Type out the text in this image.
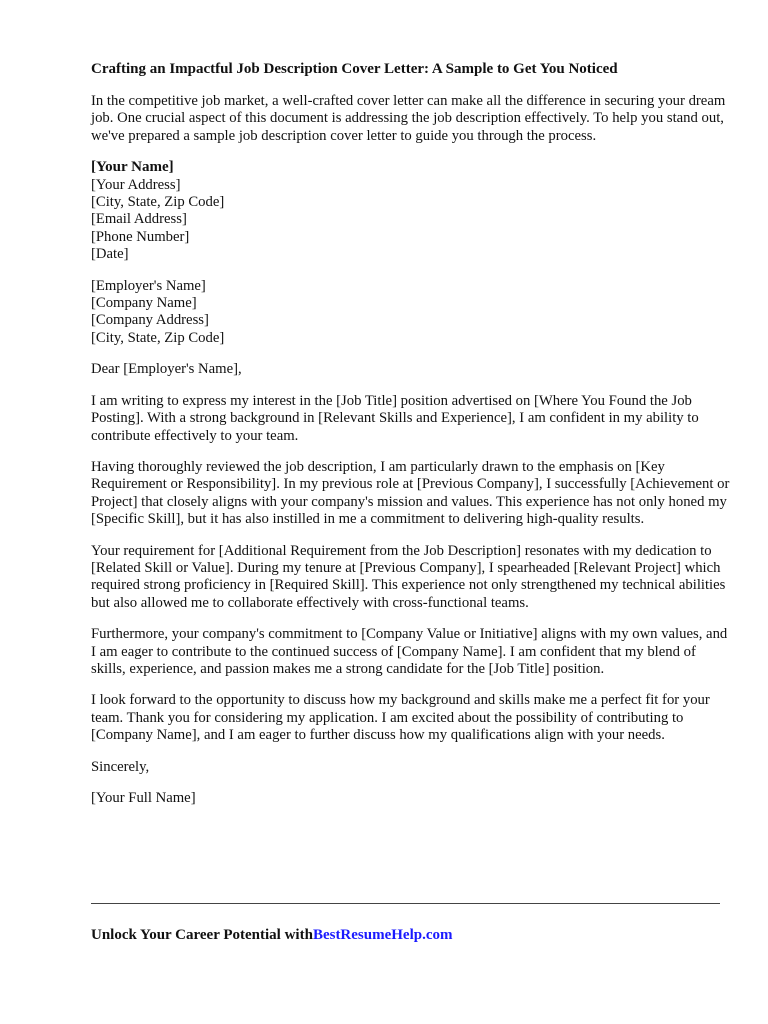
Crafting an Impactful Job Description Cover Letter: A Sample to Get You Noticed

In the competitive job market, a well-crafted cover letter can make all the difference in securing your dream job. One crucial aspect of this document is addressing the job description effectively. To help you stand out, we've prepared a sample job description cover letter to guide you through the process.

[Your Name]
[Your Address]
[City, State, Zip Code]
[Email Address]
[Phone Number]
[Date]
[Employer's Name]
[Company Name]
[Company Address]
[City, State, Zip Code]

Dear [Employer's Name],

I am writing to express my interest in the [Job Title] position advertised on [Where You Found the Job Posting]. With a strong background in [Relevant Skills and Experience], I am confident in my ability to contribute effectively to your team.

Having thoroughly reviewed the job description, I am particularly drawn to the emphasis on [Key Requirement or Responsibility]. In my previous role at [Previous Company], I successfully [Achievement or Project] that closely aligns with your company's mission and values. This experience has not only honed my [Specific Skill], but it has also instilled in me a commitment to delivering high-quality results.

Your requirement for [Additional Requirement from the Job Description] resonates with my dedication to [Related Skill or Value]. During my tenure at [Previous Company], I spearheaded [Relevant Project] which required strong proficiency in [Required Skill]. This experience not only strengthened my technical abilities but also allowed me to collaborate effectively with cross-functional teams.

Furthermore, your company's commitment to [Company Value or Initiative] aligns with my own values, and I am eager to contribute to the continued success of [Company Name]. I am confident that my blend of skills, experience, and passion makes me a strong candidate for the [Job Title] position.

I look forward to the opportunity to discuss how my background and skills make me a perfect fit for your team. Thank you for considering my application. I am excited about the possibility of contributing to [Company Name], and I am eager to further discuss how my qualifications align with your needs.

Sincerely,

[Your Full Name]

Unlock Your Career Potential withBestResumeHelp.com
